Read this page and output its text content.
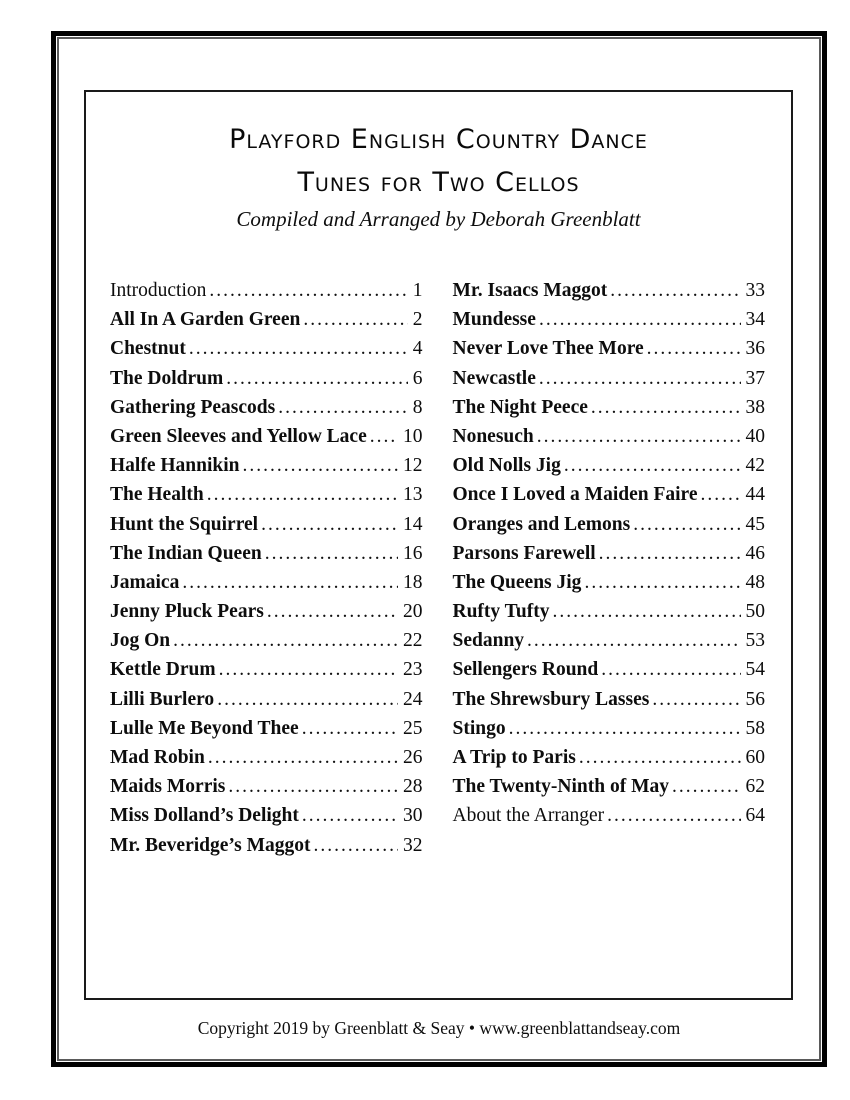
Playford English Country Dance
Tunes for Two Cellos
Compiled and Arranged by Deborah Greenblatt
Introduction .....	1
All In A Garden Green .....	2
Chestnut .....	4
The Doldrum .....	6
Gathering Peascods .....	8
Green Sleeves and Yellow Lace ..... 10
Halfe Hannikin .....	12
The Health .....	13
Hunt the Squirrel .....	14
The Indian Queen .....	16
Jamaica .....	18
Jenny Pluck Pears .....	20
Jog On .....	22
Kettle Drum .....	23
Lilli Burlero .....	24
Lulle Me Beyond Thee .....	25
Mad Robin .....	26
Maids Morris .....	28
Miss Dolland’s Delight .....	30
Mr. Beveridge’s Maggot .....	32
Mr. Isaacs Maggot .....	33
Mundesse .....	34
Never Love Thee More .....	36
Newcastle .....	37
The Night Peece .....	38
Nonesuch .....	40
Old Nolls Jig .....	42
Once I Loved a Maiden Faire ..... 44
Oranges and Lemons .....	45
Parsons Farewell .....	46
The Queens Jig .....	48
Rufty Tufty .....	50
Sedanny .....	53
Sellengers Round .....	54
The Shrewsbury Lasses .....	56
Stingo .....	58
A Trip to Paris .....	60
The Twenty-Ninth of May .....	62
About the Arranger .....	64
Copyright 2019 by Greenblatt & Seay • www.greenblattandseay.com
